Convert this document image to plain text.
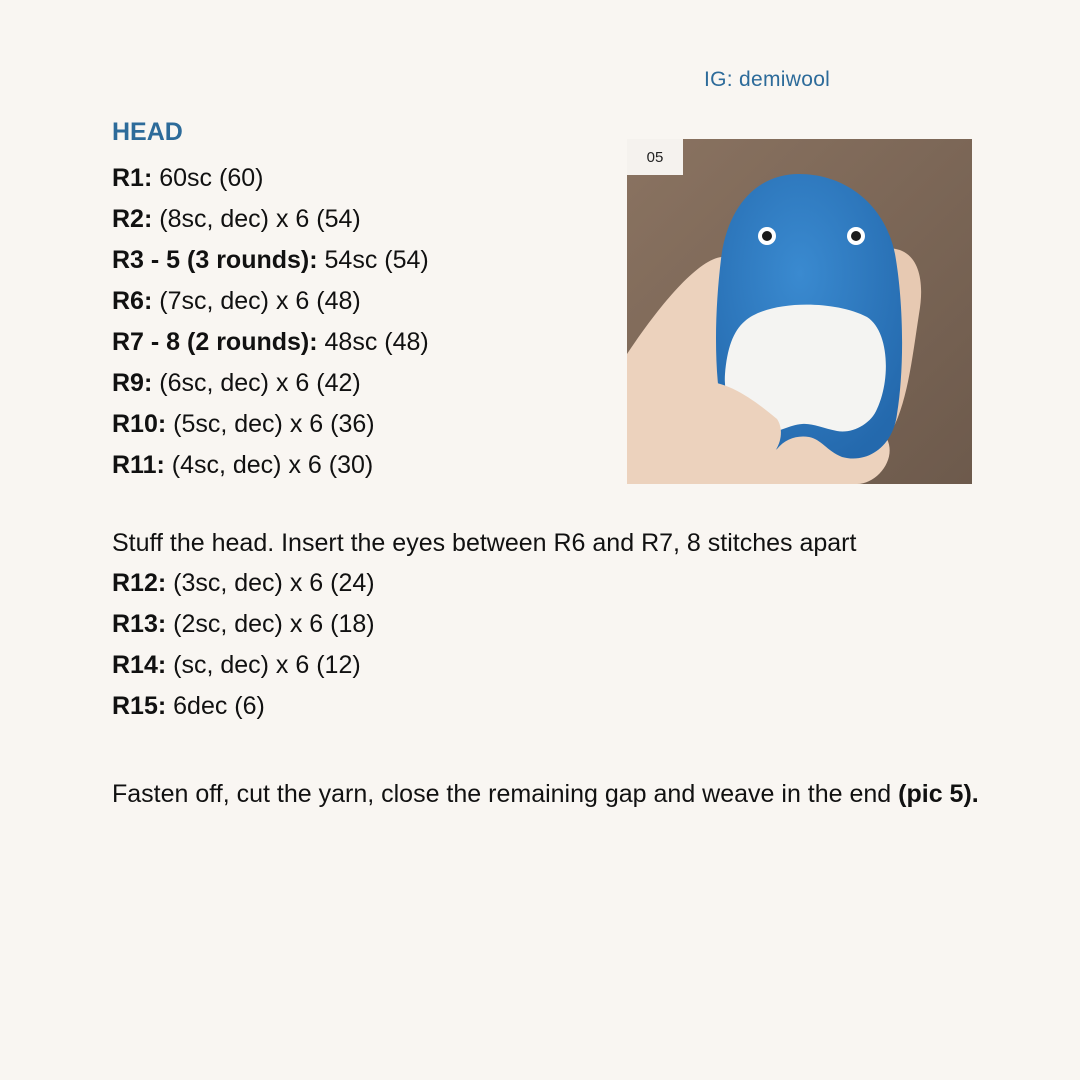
IG: demiwool
HEAD
R1: 60sc (60)
R2: (8sc, dec) x 6 (54)
R3 - 5 (3 rounds): 54sc (54)
R6: (7sc, dec) x 6 (48)
R7 - 8 (2 rounds): 48sc (48)
R9: (6sc, dec) x 6 (42)
R10: (5sc, dec) x 6 (36)
R11: (4sc, dec) x 6 (30)
05
Stuff the head. Insert the eyes between R6 and R7, 8 stitches apart
R12: (3sc, dec) x 6 (24)
R13: (2sc, dec) x 6 (18)
R14: (sc, dec) x 6 (12)
R15: 6dec (6)
Fasten off, cut the yarn, close the remaining gap and weave in the end (pic 5).
